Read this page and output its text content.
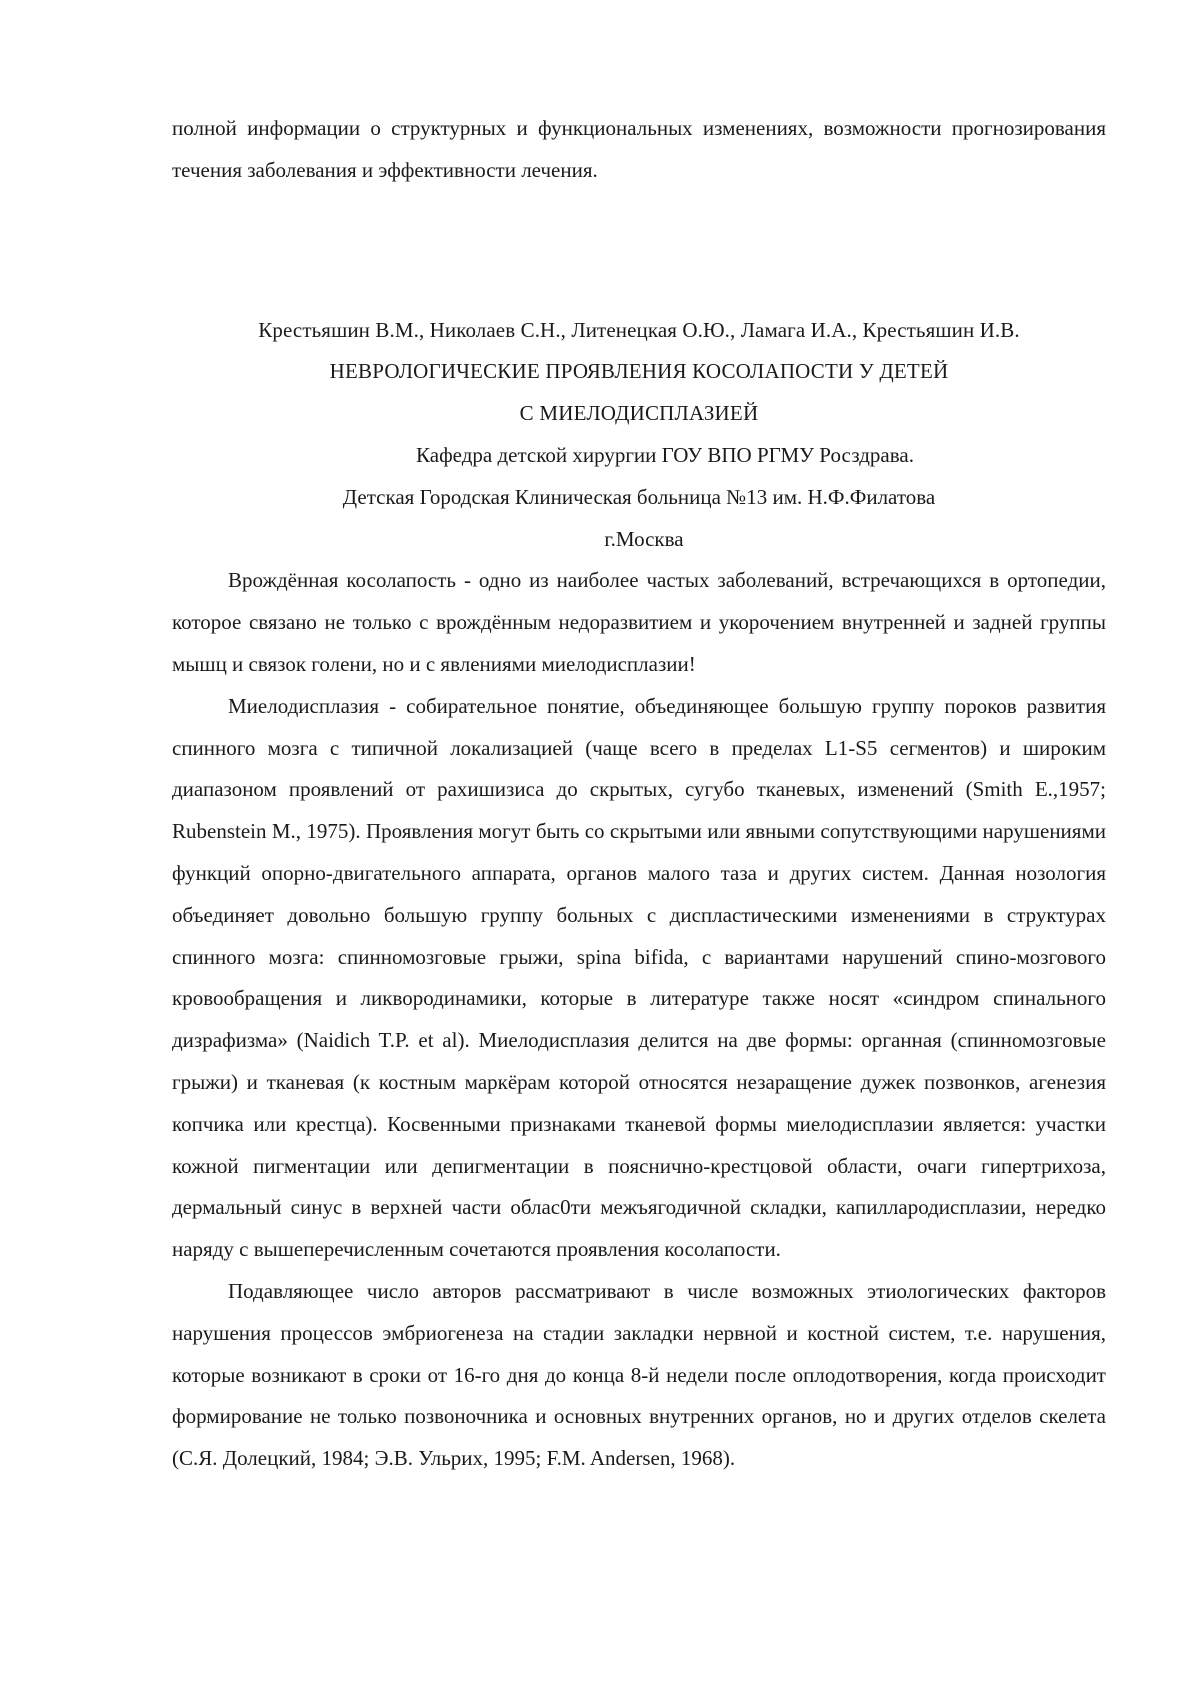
полной информации о структурных и функциональных изменениях, возможности прогнозирования течения заболевания и эффективности лечения.

Крестьяшин В.М., Николаев С.Н., Литенецкая О.Ю., Ламага И.А., Крестьяшин И.В.

НЕВРОЛОГИЧЕСКИЕ ПРОЯВЛЕНИЯ КОСОЛАПОСТИ У ДЕТЕЙ

С МИЕЛОДИСПЛАЗИЕЙ

Кафедра детской хирургии ГОУ ВПО РГМУ Росздрава.

Детская Городская Клиническая больница №13 им. Н.Ф.Филатова

г.Москва

Врождённая косолапость - одно из наиболее частых заболеваний, встречающихся в ортопедии, которое связано не только с врождённым недоразвитием и укорочением внутренней и задней группы мышц и связок голени, но и с явлениями миелодисплазии!

Миелодисплазия - собирательное понятие, объединяющее большую группу пороков развития спинного мозга с типичной локализацией (чаще всего в пределах L1-S5 сегментов) и широким диапазоном проявлений от рахишизиса до скрытых, сугубо тканевых, изменений (Smith E.,1957; Rubenstein M., 1975). Проявления могут быть со скрытыми или явными сопутствующими нарушениями функций опорно-двигательного аппарата, органов малого таза и других систем. Данная нозология объединяет довольно большую группу больных с диспластическими изменениями в структурах спинного мозга: спинномозговые грыжи, spina bifida, с вариантами нарушений спино-мозгового кровообращения и ликвородинамики, которые в литературе также носят «синдром спинального дизрафизма» (Naidich T.P. et al). Миелодисплазия делится на две формы: органная (спинномозговые грыжи) и тканевая (к костным маркёрам которой относятся незаращение дужек позвонков, агенезия копчика или крестца). Косвенными признаками тканевой формы миелодисплазии является: участки кожной пигментации или депигментации в пояснично-крестцовой области, очаги гипертрихоза, дермальный синус в верхней части облас0ти межъягодичной складки, капиллародисплазии, нередко наряду с вышеперечисленным сочетаются проявления косолапости.

Подавляющее число авторов рассматривают в числе возможных этиологических факторов нарушения процессов эмбриогенеза на стадии закладки нервной и костной систем, т.е. нарушения, которые возникают в сроки от 16-го дня до конца 8-й недели после оплодотворения, когда происходит формирование не только позвоночника и основных внутренних органов, но и других отделов скелета (С.Я. Долецкий, 1984; Э.В. Ульрих, 1995; F.M. Andersen, 1968).
